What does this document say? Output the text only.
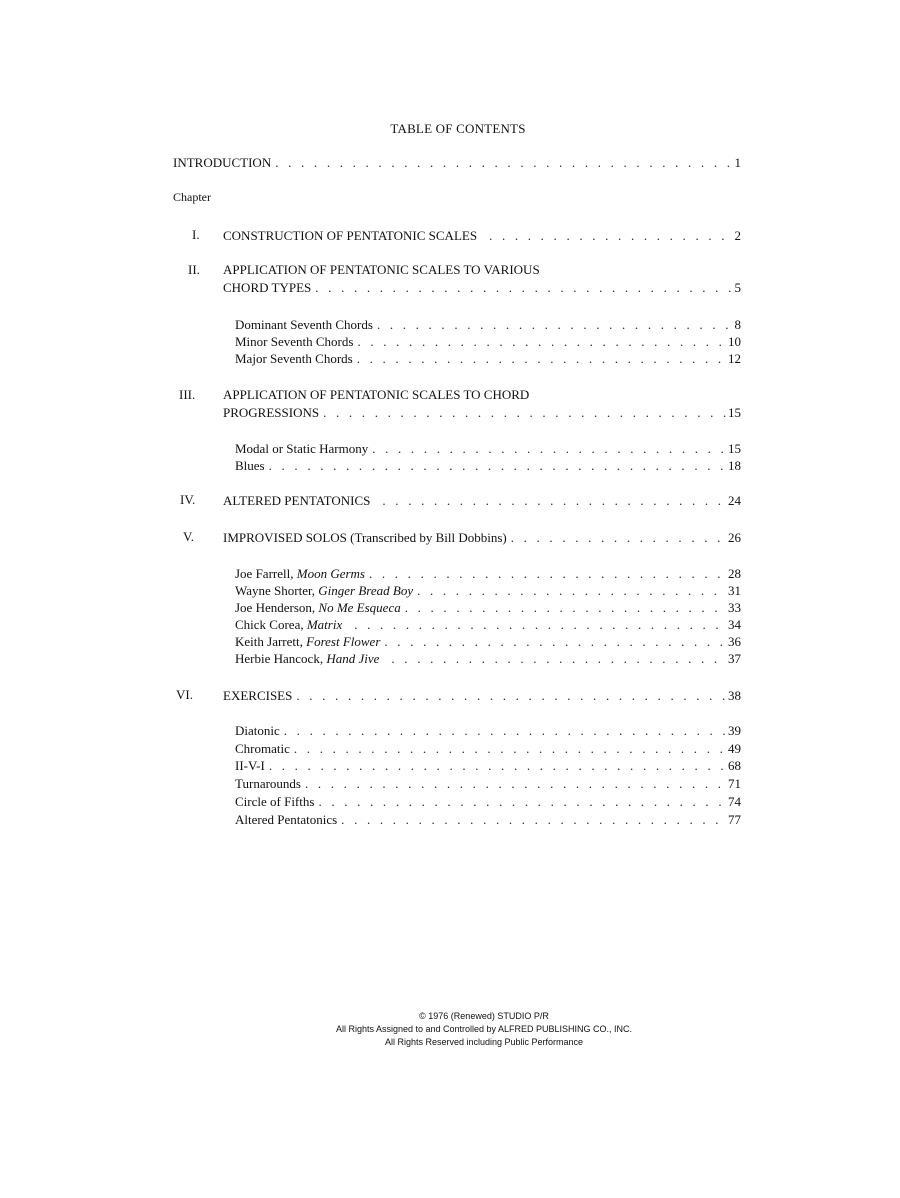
TABLE OF CONTENTS
INTRODUCTION . . .	1
Chapter
I. CONSTRUCTION OF PENTATONIC SCALES . . .	2
II. APPLICATION OF PENTATONIC SCALES TO VARIOUS
CHORD TYPES . . .	5
Dominant Seventh Chords . . .	8
Minor Seventh Chords . . .	10
Major Seventh Chords . . .	12
III. APPLICATION OF PENTATONIC SCALES TO CHORD
PROGRESSIONS . . .	15
Modal or Static Harmony . . .	15
Blues . . .	18
IV. ALTERED PENTATONICS . . .	24
V. IMPROVISED SOLOS (Transcribed by Bill Dobbins) . . .	26
Joe Farrell, Moon Germs . . .	28
Wayne Shorter, Ginger Bread Boy . . .	31
Joe Henderson, No Me Esqueca . . .	33
Chick Corea, Matrix . . .	34
Keith Jarrett, Forest Flower . . .	36
Herbie Hancock, Hand Jive . . .	37
VI. EXERCISES . . .	38
Diatonic . . .	39
Chromatic . . .	49
II-V-I . . .	68
Turnarounds . . .	71
Circle of Fifths . . .	74
Altered Pentatonics . . .	77
© 1976 (Renewed) STUDIO P/R
All Rights Assigned to and Controlled by ALFRED PUBLISHING CO., INC.
All Rights Reserved including Public Performance
